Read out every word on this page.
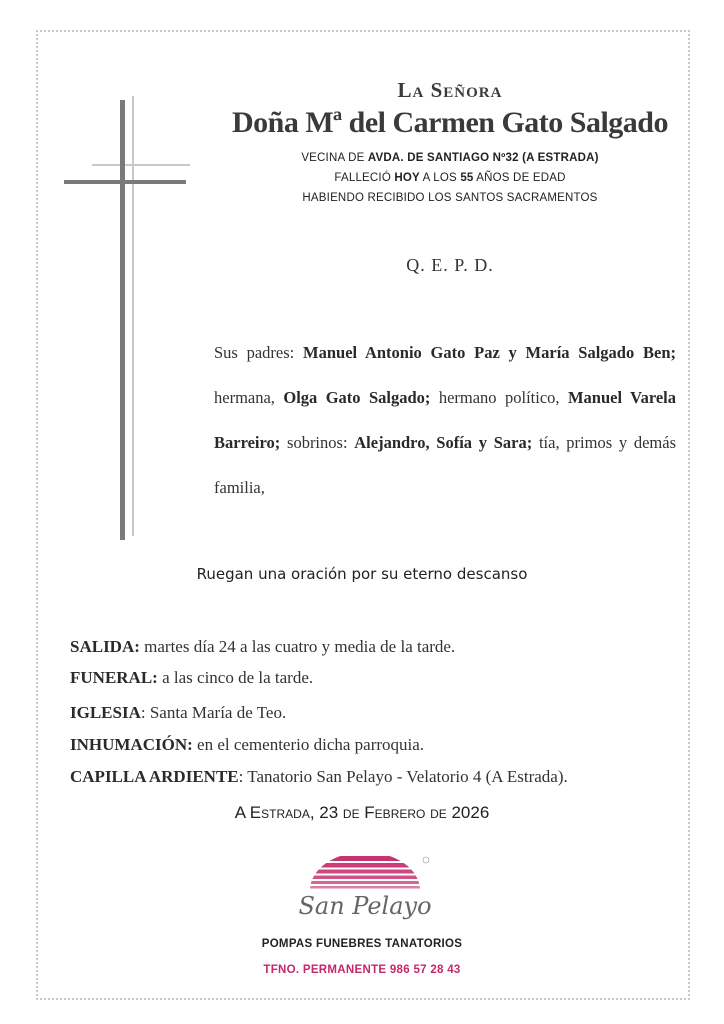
La Señora
Doña Mª del Carmen Gato Salgado
VECINA DE AVDA. DE SANTIAGO Nº32 (A ESTRADA)
FALLECIÓ HOY A LOS 55 AÑOS DE EDAD
HABIENDO RECIBIDO LOS SANTOS SACRAMENTOS
Q. E. P. D.
Sus padres: Manuel Antonio Gato Paz y María Salgado Ben; hermana, Olga Gato Salgado; hermano político, Manuel Varela Barreiro; sobrinos: Alejandro, Sofía y Sara; tía, primos y demás familia,
Ruegan una oración por su eterno descanso
SALIDA: martes día 24 a las cuatro y media de la tarde.
FUNERAL: a las cinco de la tarde.
IGLESIA: Santa María de Teo.
INHUMACIÓN: en el cementerio dicha parroquia.
CAPILLA ARDIENTE: Tanatorio San Pelayo - Velatorio 4 (A Estrada).
A Estrada, 23 de Febrero de 2026
San Pelayo
POMPAS FUNEBRES TANATORIOS
TFNO. PERMANENTE 986 57 28 43
